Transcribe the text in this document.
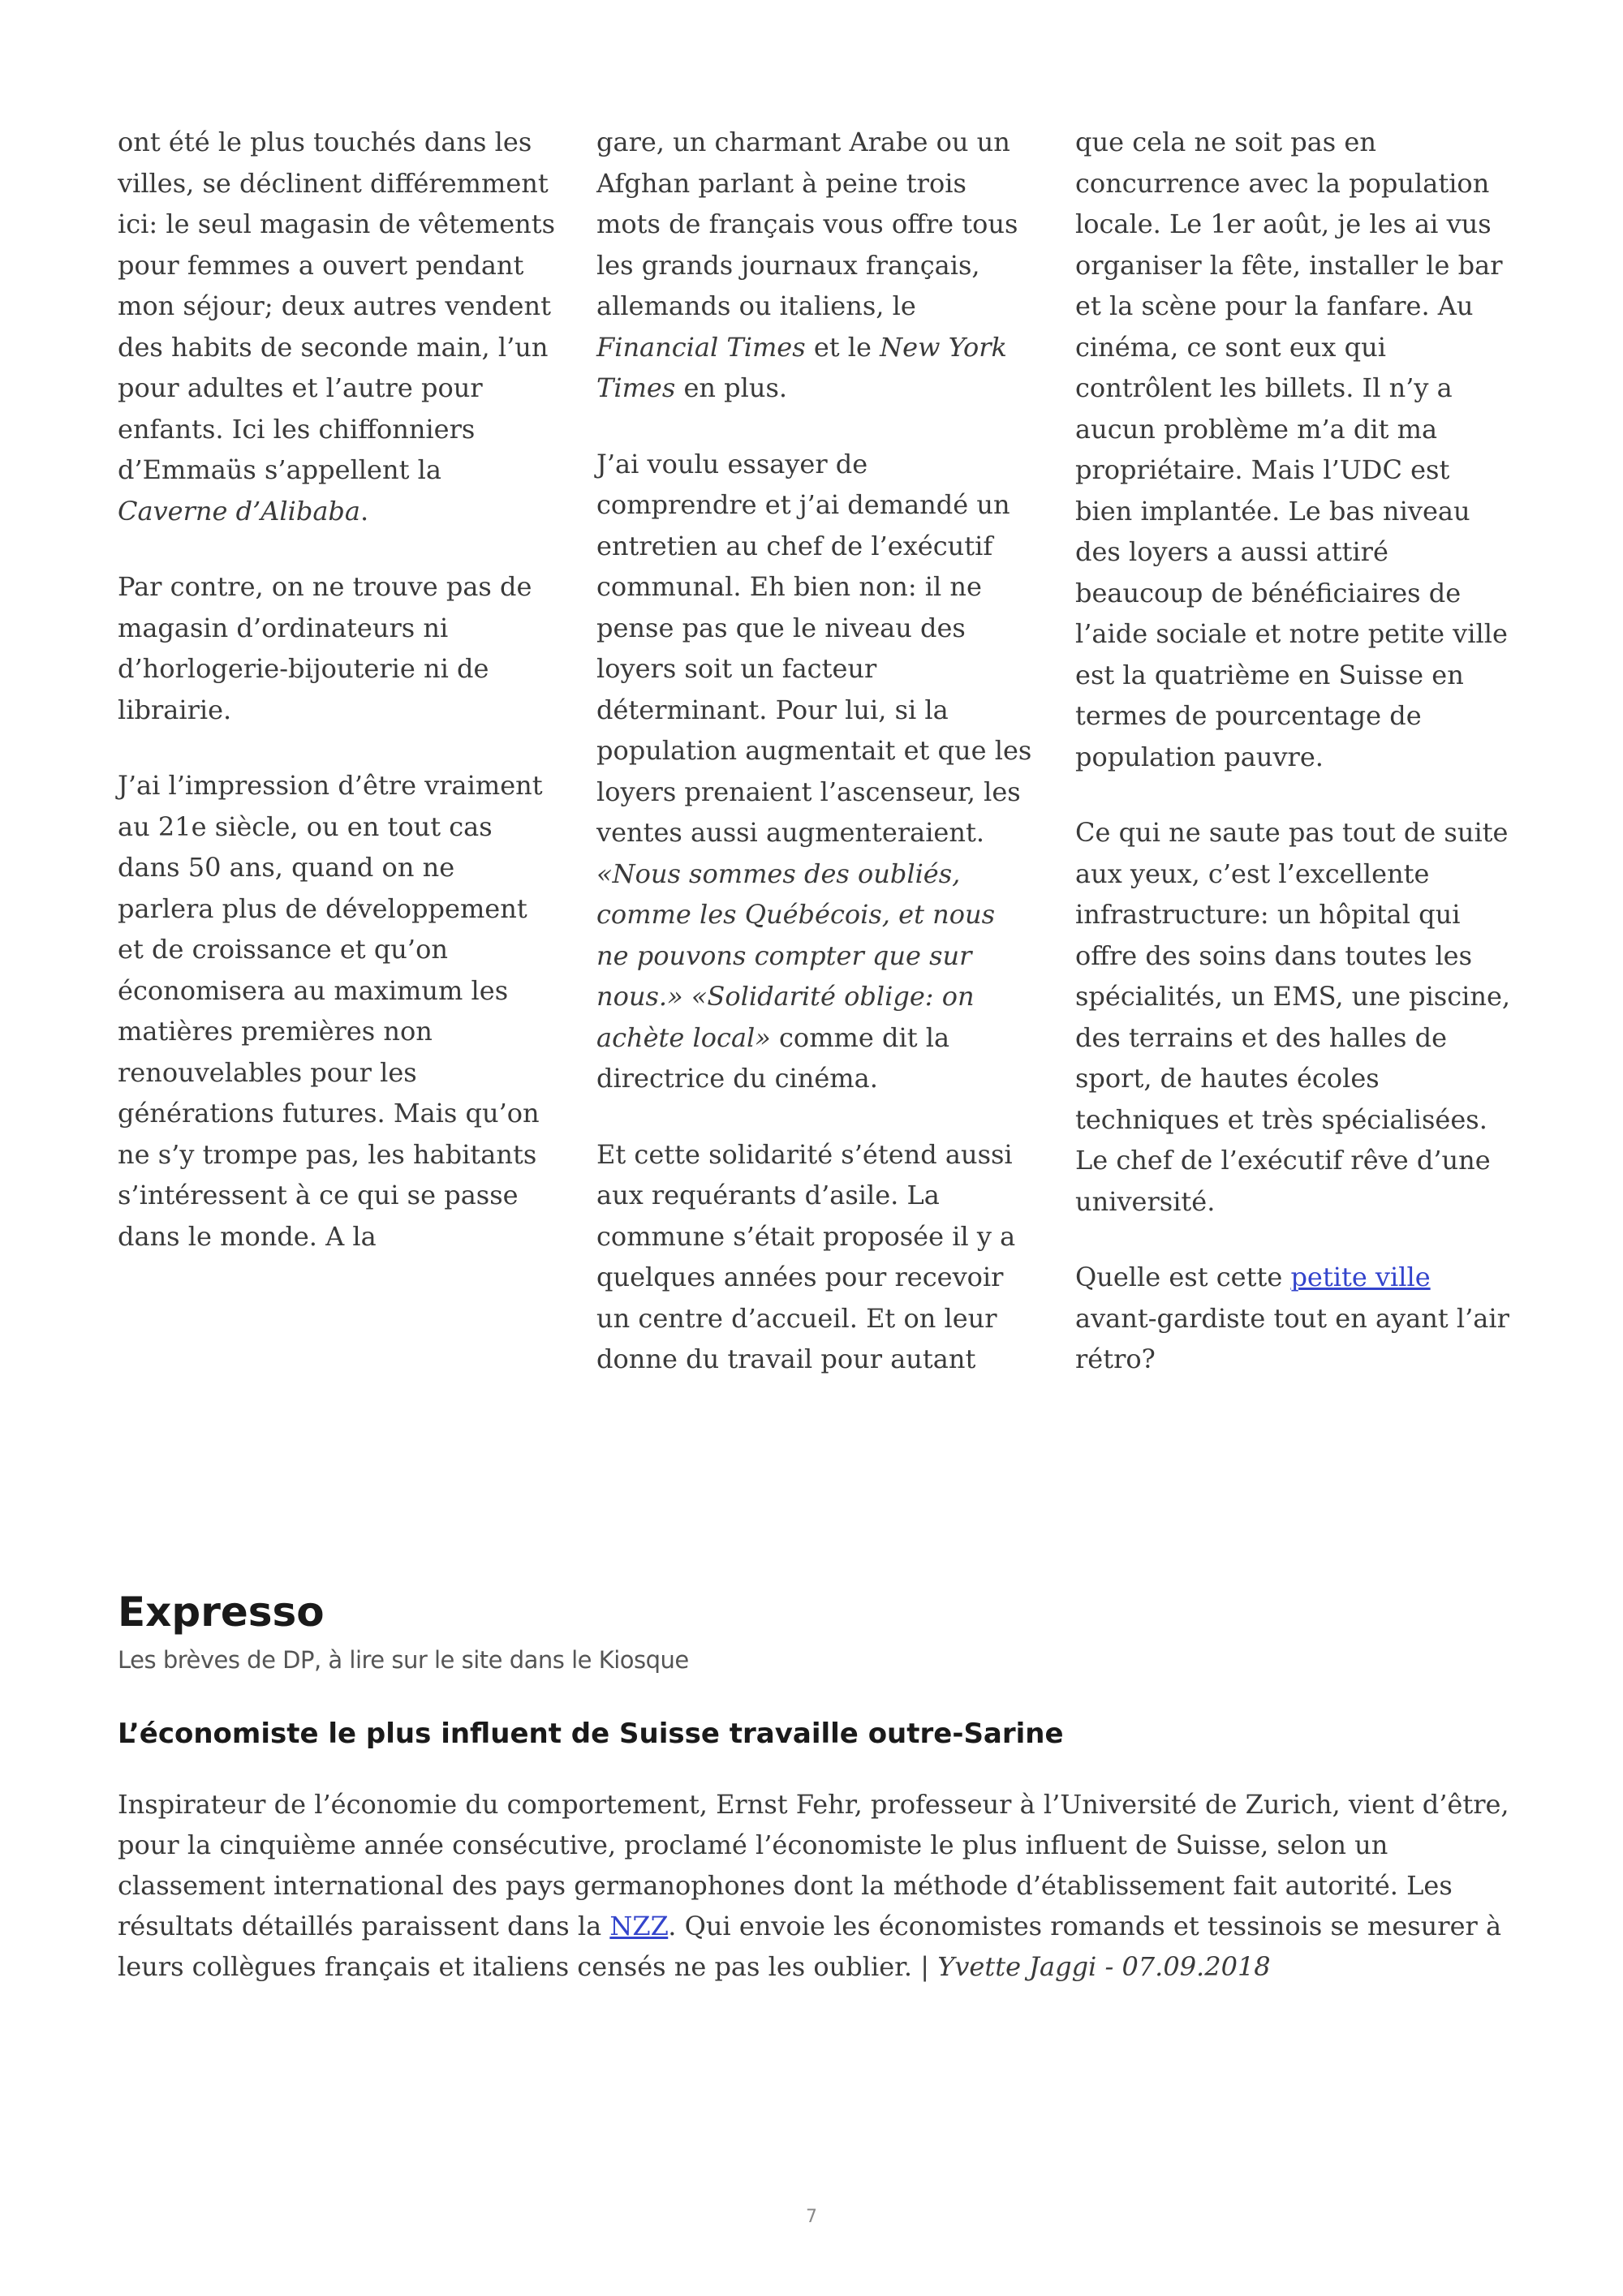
ont été le plus touchés dans les villes, se déclinent différemment ici: le seul magasin de vêtements pour femmes a ouvert pendant mon séjour; deux autres vendent des habits de seconde main, l’un pour adultes et l’autre pour enfants. Ici les chiffonniers d’Emmaüs s’appellent la Caverne d’Alibaba.

Par contre, on ne trouve pas de magasin d’ordinateurs ni d’horlogerie-bijouterie ni de librairie.

J’ai l’impression d’être vraiment au 21e siècle, ou en tout cas dans 50 ans, quand on ne parlera plus de développement et de croissance et qu’on économisera au maximum les matières premières non renouvelables pour les générations futures. Mais qu’on ne s’y trompe pas, les habitants s’intéressent à ce qui se passe dans le monde. A la

gare, un charmant Arabe ou un Afghan parlant à peine trois mots de français vous offre tous les grands journaux français, allemands ou italiens, le Financial Times et le New York Times en plus.

J’ai voulu essayer de comprendre et j’ai demandé un entretien au chef de l’exécutif communal. Eh bien non: il ne pense pas que le niveau des loyers soit un facteur déterminant. Pour lui, si la population augmentait et que les loyers prenaient l’ascenseur, les ventes aussi augmenteraient. «Nous sommes des oubliés, comme les Québécois, et nous ne pouvons compter que sur nous.» «Solidarité oblige: on achète local» comme dit la directrice du cinéma.

Et cette solidarité s’étend aussi aux requérants d’asile. La commune s’était proposée il y a quelques années pour recevoir un centre d’accueil. Et on leur donne du travail pour autant

que cela ne soit pas en concurrence avec la population locale. Le 1er août, je les ai vus organiser la fête, installer le bar et la scène pour la fanfare. Au cinéma, ce sont eux qui contrôlent les billets. Il n’y a aucun problème m’a dit ma propriétaire. Mais l’UDC est bien implantée. Le bas niveau des loyers a aussi attiré beaucoup de bénéficiaires de l’aide sociale et notre petite ville est la quatrième en Suisse en termes de pourcentage de population pauvre.

Ce qui ne saute pas tout de suite aux yeux, c’est l’excellente infrastructure: un hôpital qui offre des soins dans toutes les spécialités, un EMS, une piscine, des terrains et des halles de sport, de hautes écoles techniques et très spécialisées. Le chef de l’exécutif rêve d’une université.

Quelle est cette petite ville avant-gardiste tout en ayant l’air rétro?

Expresso
Les brèves de DP, à lire sur le site dans le Kiosque
L’économiste le plus influent de Suisse travaille outre-Sarine

Inspirateur de l’économie du comportement, Ernst Fehr, professeur à l’Université de Zurich, vient d’être, pour la cinquième année consécutive, proclamé l’économiste le plus influent de Suisse, selon un classement international des pays germanophones dont la méthode d’établissement fait autorité. Les résultats détaillés paraissent dans la NZZ. Qui envoie les économistes romands et tessinois se mesurer à leurs collègues français et italiens censés ne pas les oublier. | Yvette Jaggi - 07.09.2018

7
